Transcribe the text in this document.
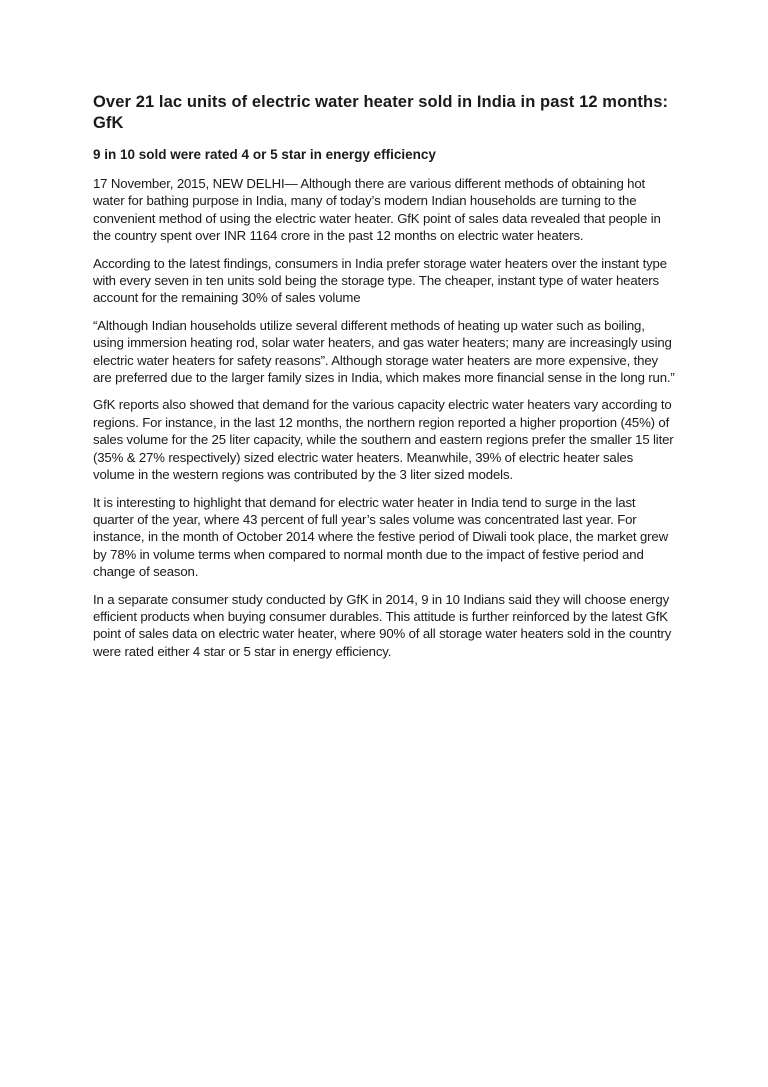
Over 21 lac units of electric water heater sold in India in past 12 months: GfK
9 in 10 sold were rated 4 or 5 star in energy efficiency

17 November, 2015, NEW DELHI— Although there are various different methods of obtaining hot water for bathing purpose in India, many of today’s modern Indian households are turning to the convenient method of using the electric water heater. GfK point of sales data revealed that people in the country spent over INR 1164 crore in the past 12 months on electric water heaters.

According to the latest findings, consumers in India prefer storage water heaters over the instant type with every seven in ten units sold being the storage type. The cheaper, instant type of water heaters account for the remaining 30% of sales volume

“Although Indian households utilize several different methods of heating up water such as boiling, using immersion heating rod, solar water heaters, and gas water heaters; many are increasingly using electric water heaters for safety reasons”. Although storage water heaters are more expensive, they are preferred due to the larger family sizes in India, which makes more financial sense in the long run.”

GfK reports also showed that demand for the various capacity electric water heaters vary according to regions. For instance, in the last 12 months, the northern region reported a higher proportion (45%) of sales volume for the 25 liter capacity, while the southern and eastern regions prefer the smaller 15 liter (35% & 27% respectively) sized electric water heaters. Meanwhile, 39% of electric heater sales volume in the western regions was contributed by the 3 liter sized models.

It is interesting to highlight that demand for electric water heater in India tend to surge in the last quarter of the year, where 43 percent of full year’s sales volume was concentrated last year. For instance, in the month of October 2014 where the festive period of Diwali took place, the market grew by 78% in volume terms when compared to normal month due to the impact of festive period and change of season.

In a separate consumer study conducted by GfK in 2014, 9 in 10 Indians said they will choose energy efficient products when buying consumer durables. This attitude is further reinforced by the latest GfK point of sales data on electric water heater, where 90% of all storage water heaters sold in the country were rated either 4 star or 5 star in energy efficiency.
